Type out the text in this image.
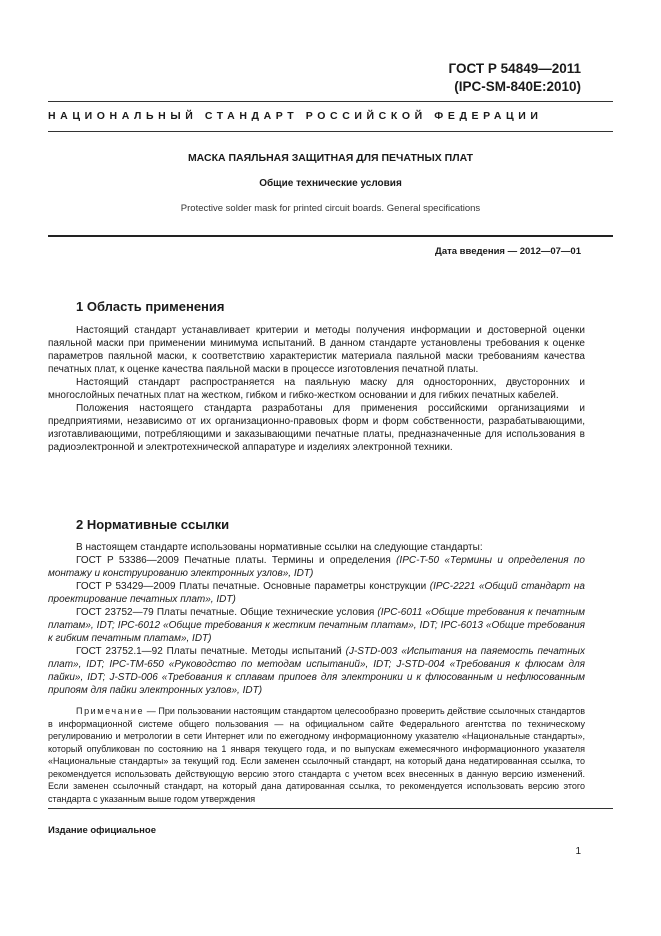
ГОСТ Р 54849—2011
(IPC-SM-840E:2010)
НАЦИОНАЛЬНЫЙ СТАНДАРТ РОССИЙСКОЙ ФЕДЕРАЦИИ
МАСКА ПАЯЛЬНАЯ ЗАЩИТНАЯ ДЛЯ ПЕЧАТНЫХ ПЛАТ
Общие технические условия
Protective solder mask for printed circuit boards. General specifications
Дата введения — 2012—07—01
1 Область применения

Настоящий стандарт устанавливает критерии и методы получения информации и достоверной оценки паяльной маски при применении минимума испытаний. В данном стандарте установлены требования к оценке параметров паяльной маски, к соответствию характеристик материала паяльной маски требованиям качества печатных плат, к оценке качества паяльной маски в процессе изготовления печатной платы.

Настоящий стандарт распространяется на паяльную маску для односторонних, двусторонних и многослойных печатных плат на жестком, гибком и гибко-жестком основании и для гибких печатных кабелей.

Положения настоящего стандарта разработаны для применения российскими организациями и предприятиями, независимо от их организационно-правовых форм и форм собственности, разрабатывающими, изготавливающими, потребляющими и заказывающими печатные платы, предназначенные для использования в радиоэлектронной и электротехнической аппаратуре и изделиях электронной техники.

2 Нормативные ссылки

В настоящем стандарте использованы нормативные ссылки на следующие стандарты:

ГОСТ Р 53386—2009 Печатные платы. Термины и определения (IPC-T-50 «Термины и определения по монтажу и конструированию электронных узлов», IDT)

ГОСТ Р 53429—2009 Платы печатные. Основные параметры конструкции (IPC-2221 «Общий стандарт на проектирование печатных плат», IDT)

ГОСТ 23752—79 Платы печатные. Общие технические условия (IPC-6011 «Общие требования к печатным платам», IDT; IPC-6012 «Общие требования к жестким печатным платам», IDT; IPC-6013 «Общие требования к гибким печатным платам», IDT)

ГОСТ 23752.1—92 Платы печатные. Методы испытаний (J-STD-003 «Испытания на паяемость печатных плат», IDT; IPC-TM-650 «Руководство по методам испытаний», IDT; J-STD-004 «Требования к флюсам для пайки», IDT; J-STD-006 «Требования к сплавам припоев для электроники и к флюсованным и нефлюсованным припоям для пайки электронных узлов», IDT)

Примечание — При пользовании настоящим стандартом целесообразно проверить действие ссылочных стандартов в информационной системе общего пользования — на официальном сайте Федерального агентства по техническому регулированию и метрологии в сети Интернет или по ежегодному информационному указателю «Национальные стандарты», который опубликован по состоянию на 1 января текущего года, и по выпускам ежемесячного информационного указателя «Национальные стандарты» за текущий год. Если заменен ссылочный стандарт, на который дана недатированная ссылка, то рекомендуется использовать действующую версию этого стандарта с учетом всех внесенных в данную версию изменений. Если заменен ссылочный стандарт, на который дана датированная ссылка, то рекомендуется использовать версию этого стандарта с указанным выше годом утверждения

Издание официальное
1
